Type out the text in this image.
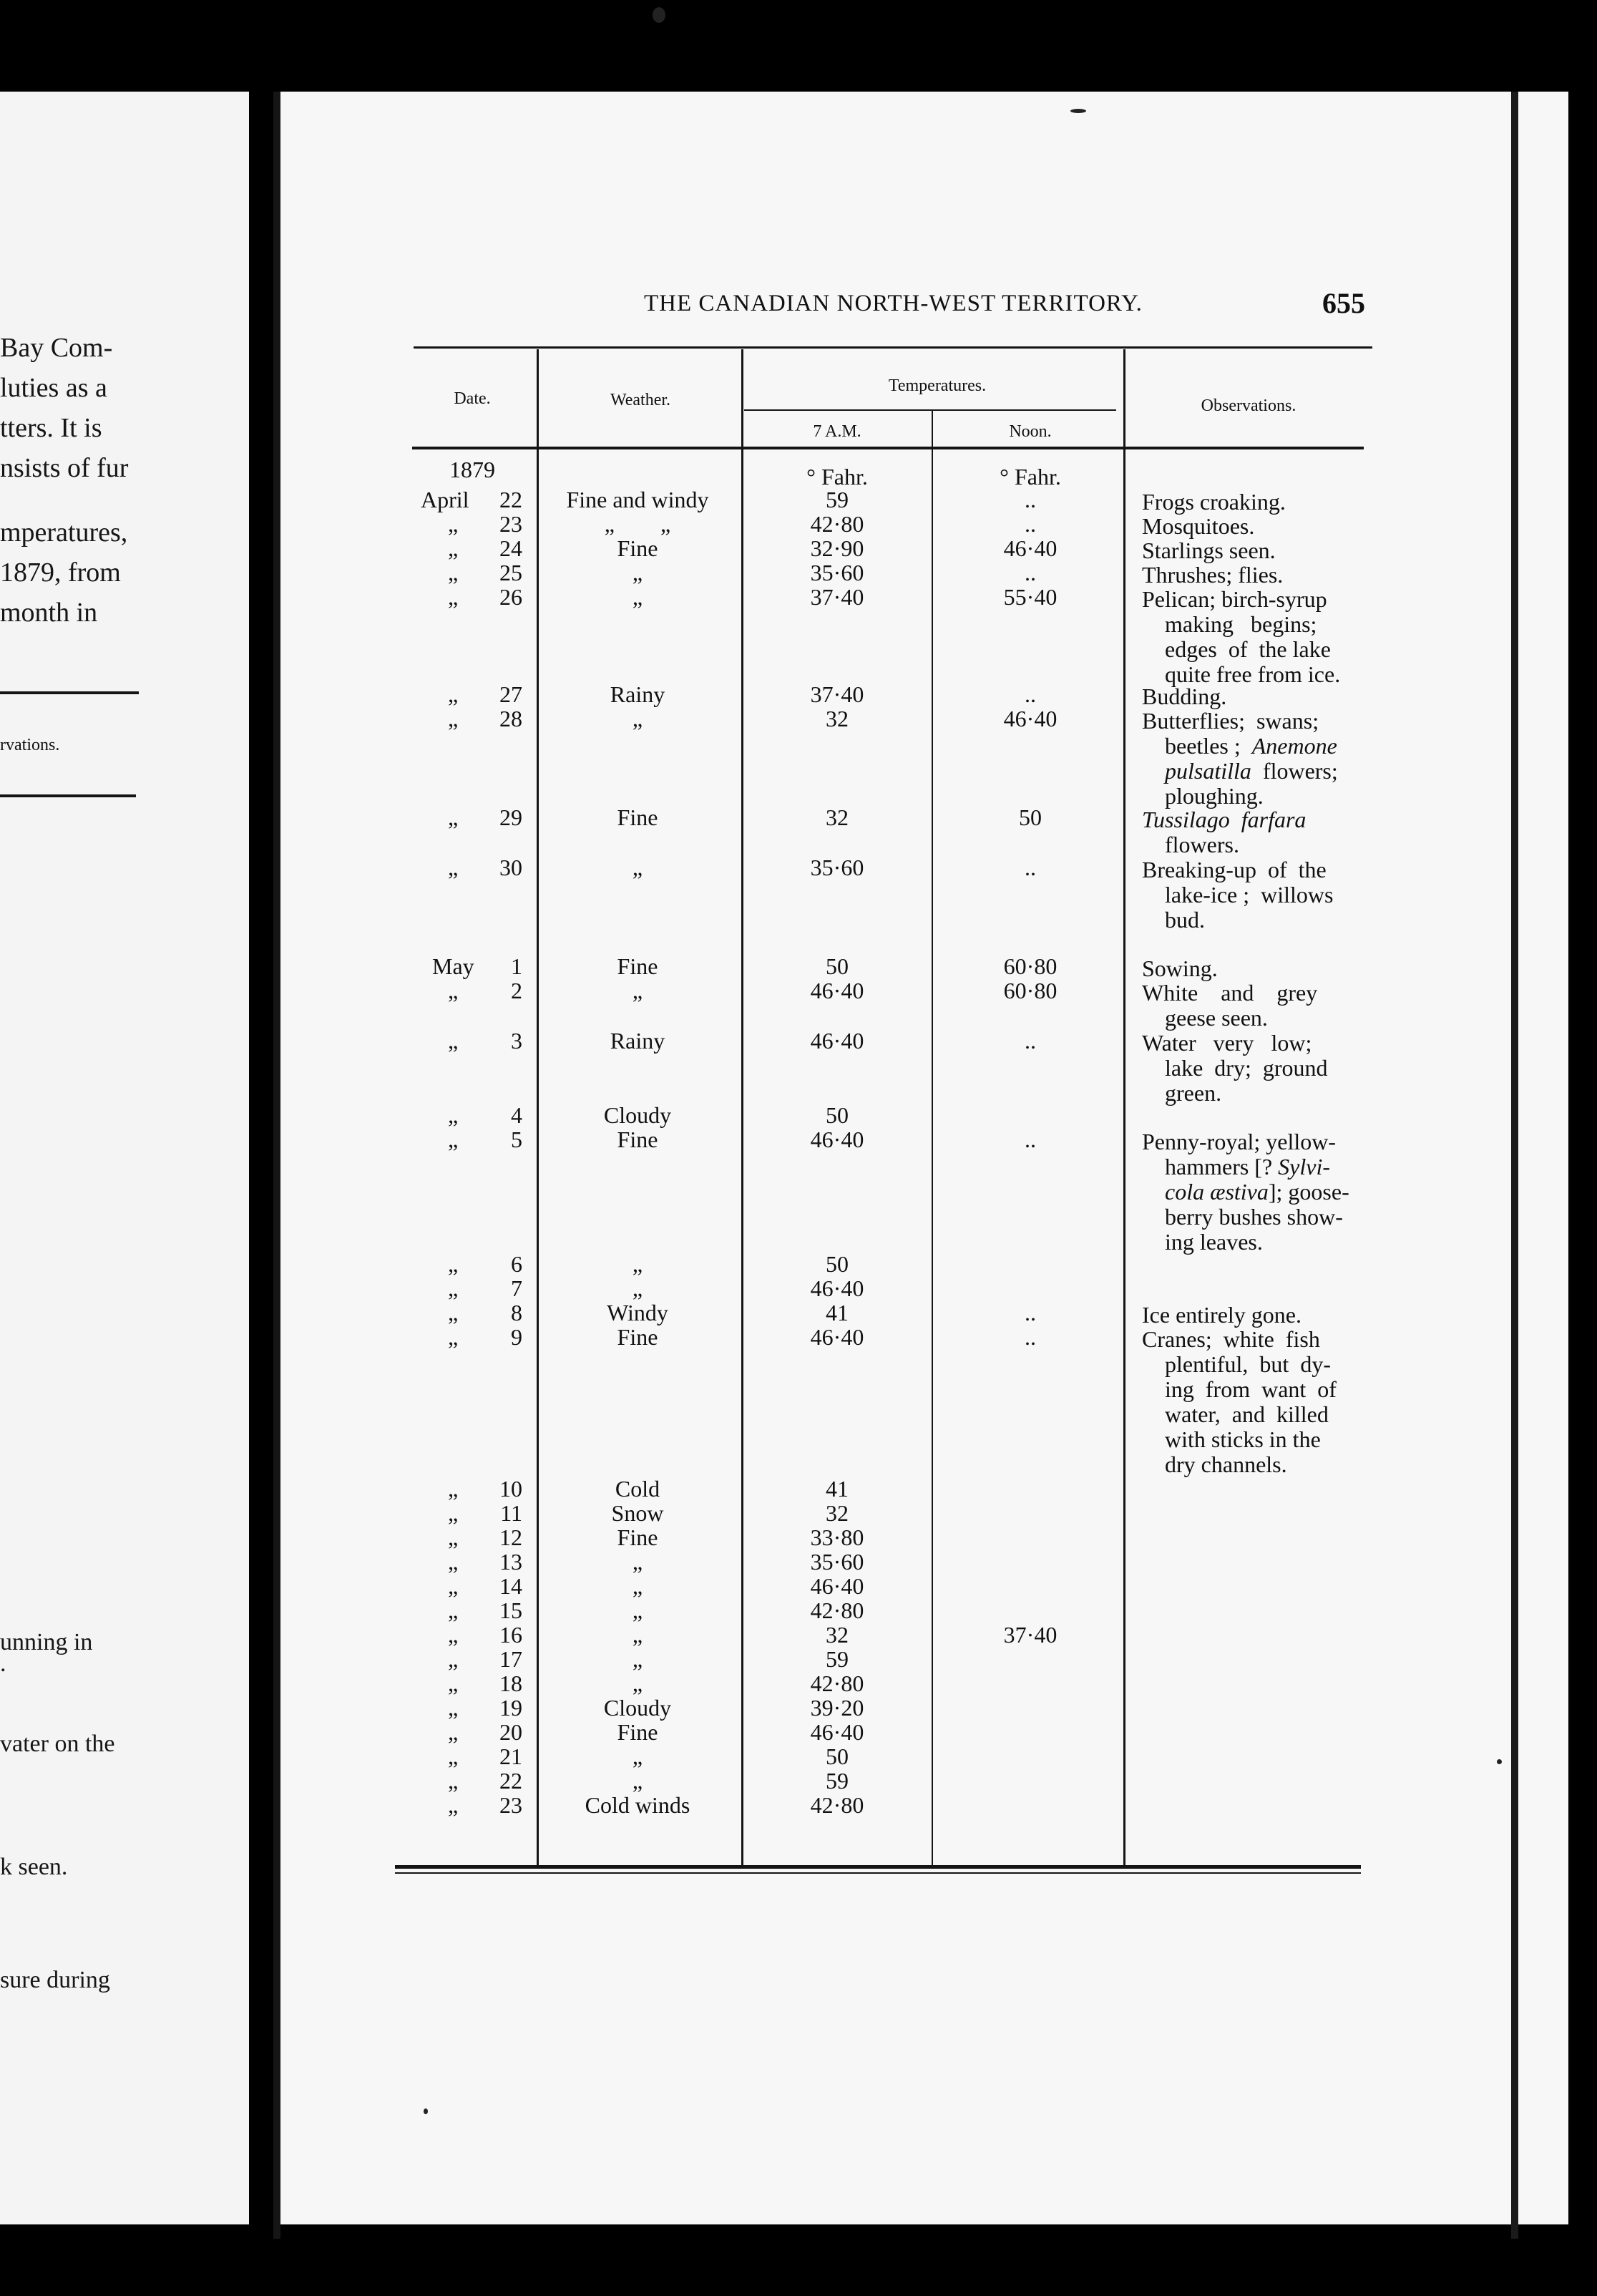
Bay Com-
luties as a
tters. It is
nsists of fur
mperatures,
1879, from
month in
rvations.
unning in
.
vater on the
k seen.
sure during
THE CANADIAN NORTH-WEST TERRITORY.	655
Date.	Weather.
Temperatures.
7 A.M.	Noon.
Observations.
1879	° Fahr.	° Fahr.
April	22	Fine and windy	59	..	Frogs croaking.
„	23	„        „	42·80	..	Mosquitoes.
„	24	Fine	32·90	46·40	Starlings seen.
„	25	„	35·60	..	Thrushes; flies.
„	26	„	37·40	55·40	Pelican; birch-syrup
making   begins;
edges  of  the lake
quite free from ice.
„	27	Rainy	37·40	..	Budding.
„	28	„	32	46·40	Butterflies;  swans;
beetles ;  Anemone
pulsatilla  flowers;
ploughing.
„	29	Fine	32	50	Tussilago  farfara
flowers.
„	30	„	35·60	..	Breaking-up  of  the
lake-ice ;  willows
bud.
May	1	Fine	50	60·80	Sowing.
„	2	„	46·40	60·80	White    and    grey
geese seen.
„	3	Rainy	46·40	..	Water   very   low;
lake  dry;  ground
green.
„	4	Cloudy	50
„	5	Fine	46·40	..	Penny-royal; yellow-
hammers [? Sylvi-
cola æstiva]; goose-
berry bushes show-
ing leaves.
„	6	„	50
„	7	„	46·40
„	8	Windy	41	..	Ice entirely gone.
„	9	Fine	46·40	..	Cranes;  white  fish
plentiful,  but  dy-
ing  from  want  of
water,  and  killed
with sticks in the
dry channels.
„	10	Cold	41
„	11	Snow	32
„	12	Fine	33·80
„	13	„	35·60
„	14	„	46·40
„	15	„	42·80
„	16	„	32	37·40
„	17	„	59
„	18	„	42·80
„	19	Cloudy	39·20
„	20	Fine	46·40
„	21	„	50
„	22	„	59
„	23	Cold winds	42·80
